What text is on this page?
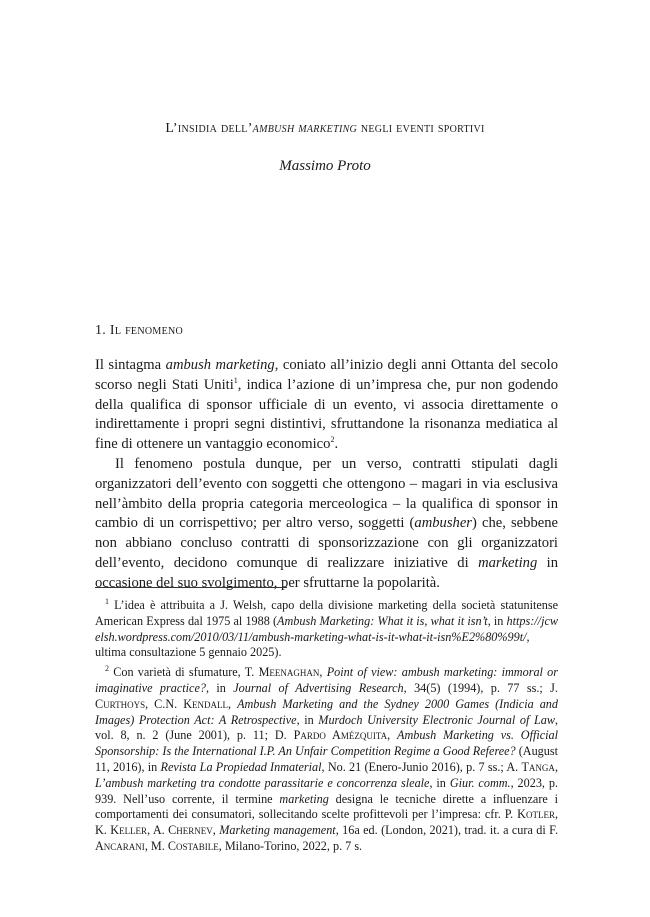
L’insidia dell’ambush marketing negli eventi sportivi
Massimo Proto
1. Il fenomeno

Il sintagma ambush marketing, coniato all’inizio degli anni Ottanta del secolo scorso negli Stati Uniti$^1$, indica l’azione di un’impresa che, pur non godendo della qualifica di sponsor ufficiale di un evento, vi associa direttamente o indirettamente i propri segni distintivi, sfruttandone la risonanza mediatica al fine di ottenere un vantaggio economico$^2$.

Il fenomeno postula dunque, per un verso, contratti stipulati dagli organizzatori dell’evento con soggetti che ottengono – magari in via esclusiva nell’àmbito della propria categoria merceologica – la qualifica di sponsor in cambio di un corrispettivo; per altro verso, soggetti (ambusher) che, sebbene non abbiano concluso contratti di sponsorizzazione con gli organizzatori dell’evento, decidono comunque di realizzare iniziative di marketing in occasione del suo svolgimento, per sfruttarne la popolarità.

$^1$ L’idea è attribuita a J. Welsh, capo della divisione marketing della società statunitense American Express dal 1975 al 1988 (Ambush Marketing: What it is, what it isn’t, in https://jcwelsh.wordpress.com/2010/03/11/ambush-marketing-what-is-it-what-it-isn%E2%80%99t/, ultima consultazione 5 gennaio 2025).

$^2$ Con varietà di sfumature, T. Meenaghan, Point of view: ambush marketing: immoral or imaginative practice?, in Journal of Advertising Research, 34(5) (1994), p. 77 ss.; J. Curthoys, C.N. Kendall, Ambush Marketing and the Sydney 2000 Games (Indicia and Images) Protection Act: A Retrospective, in Murdoch University Electronic Journal of Law, vol. 8, n. 2 (June 2001), p. 11; D. Pardo Amézquita, Ambush Marketing vs. Official Sponsorship: Is the International I.P. An Unfair Competition Regime a Good Referee? (August 11, 2016), in Revista La Propiedad Inmaterial, No. 21 (Enero-Junio 2016), p. 7 ss.; A. Tanga, L’ambush marketing tra condotte parassitarie e concorrenza sleale, in Giur. comm., 2023, p. 939. Nell’uso corrente, il termine marketing designa le tecniche dirette a influenzare i comportamenti dei consumatori, sollecitando scelte profittevoli per l’impresa: cfr. P. Kotler, K. Keller, A. Chernev, Marketing management, 16a ed. (London, 2021), trad. it. a cura di F. Ancarani, M. Costabile, Milano-Torino, 2022, p. 7 s.
